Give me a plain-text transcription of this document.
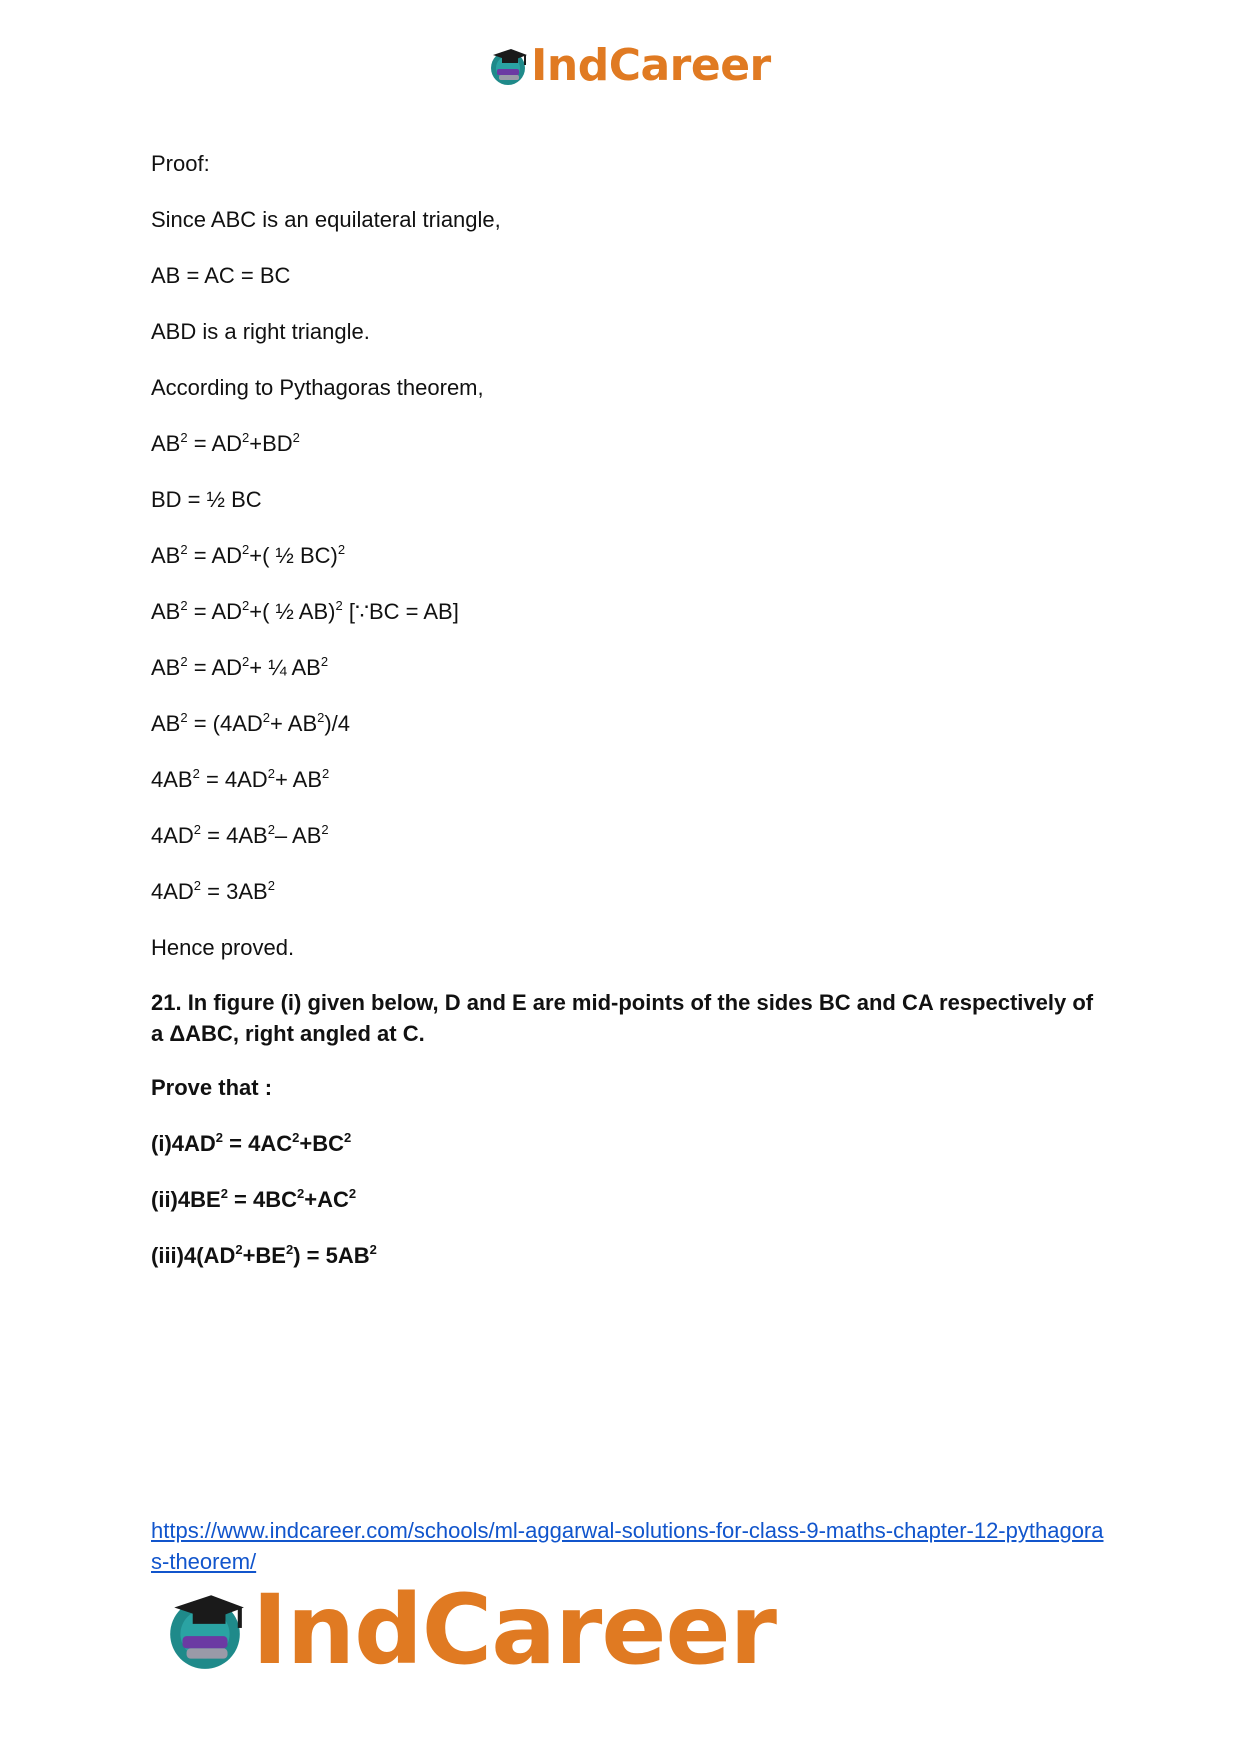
IndCareer
Proof:
Since ABC is an equilateral triangle,
AB = AC = BC
ABD is a right triangle.
According to Pythagoras theorem,
$AB^2 = AD^2+BD^2$
BD = ½ BC
$AB^2 = AD^2+$( ½ BC)$^2$
$AB^2 = AD^2+$( ½ AB)$^2$ [∵BC = AB]
$AB^2 = AD^2+$ ¼ $AB^2$
$AB^2 = (4AD^2+ AB^2)/4$
$4AB^2 = 4AD^2+ AB^2$
$4AD^2 = 4AB^2-$ $AB^2$
$4AD^2 = 3AB^2$
Hence proved.
21. In figure (i) given below, D and E are mid-points of the sides BC and CA respectively of a ΔABC, right angled at C.
Prove that :
$(i)4AD^2 = 4AC^2+BC^2$
$(ii)4BE^2 = 4BC^2+AC^2$
$(iii)4(AD^2+BE^2) = 5AB^2$
https://www.indcareer.com/schools/ml-aggarwal-solutions-for-class-9-maths-chapter-12-pythagoras-theorem/
IndCareer
